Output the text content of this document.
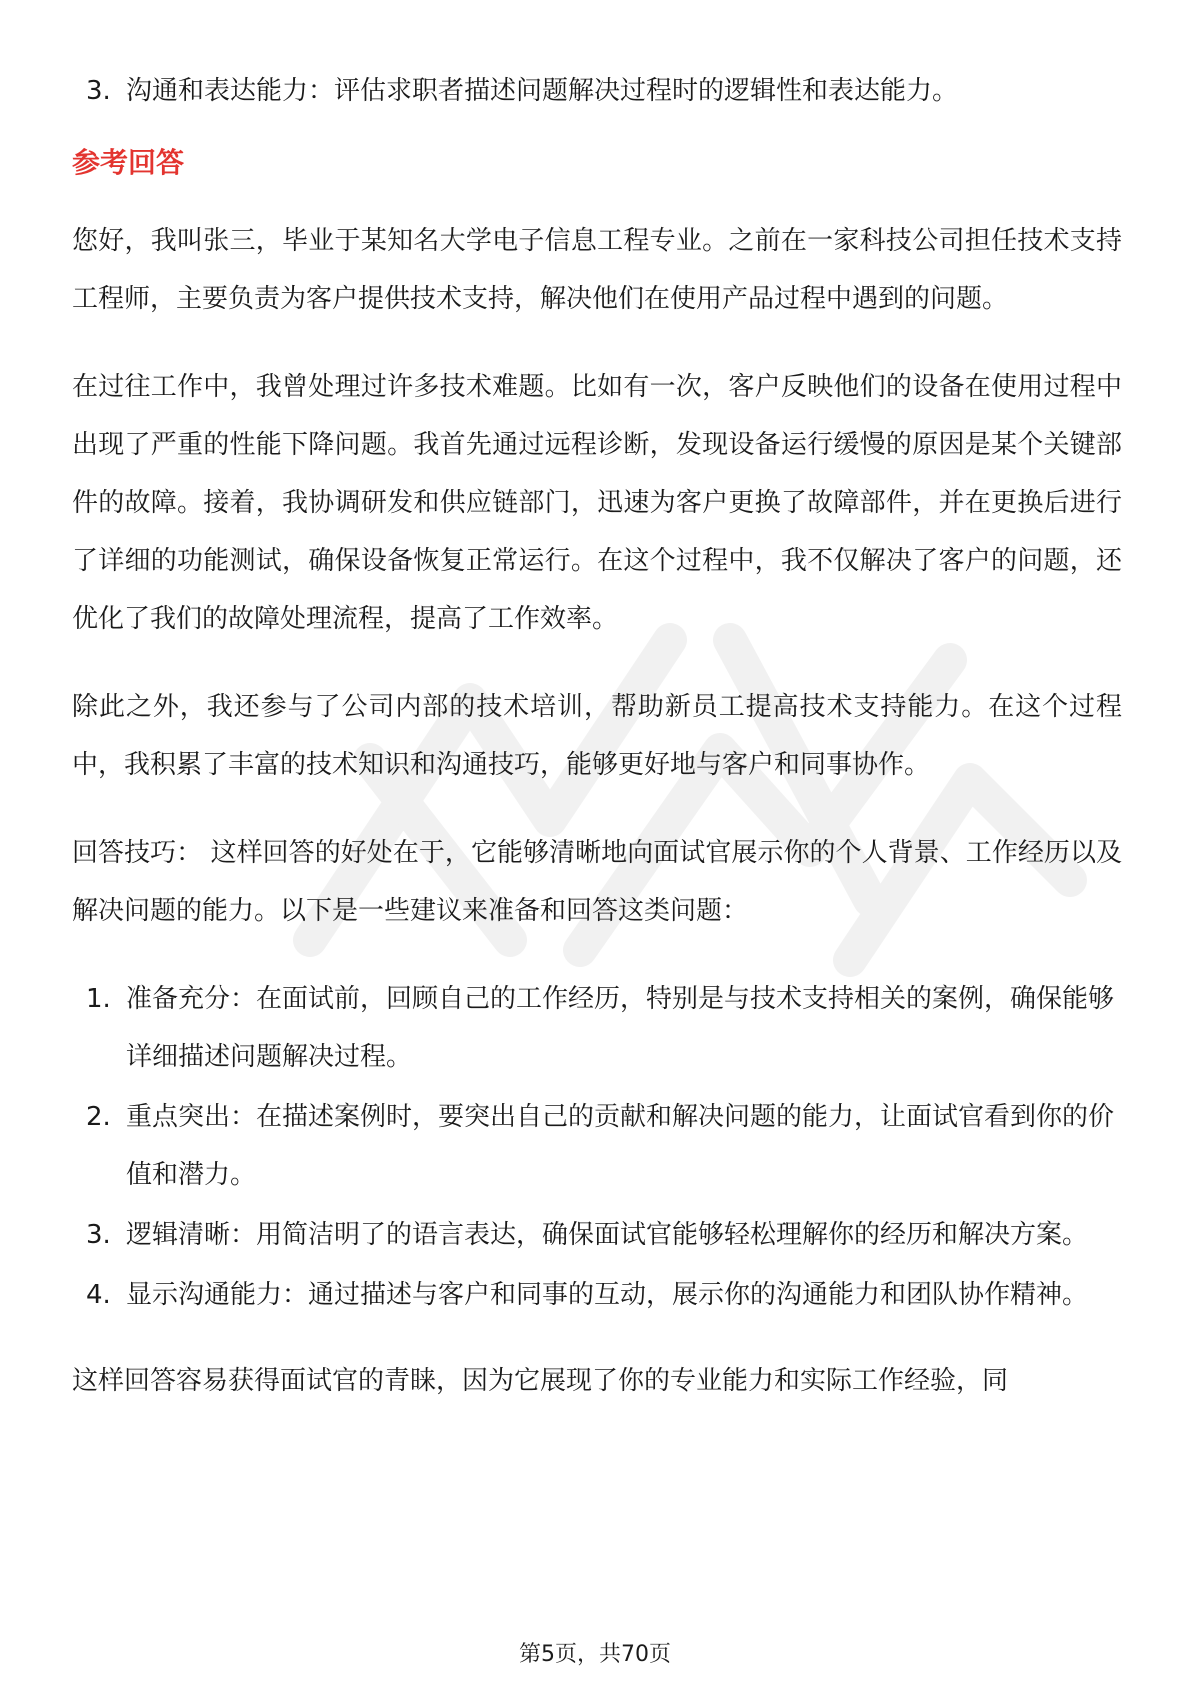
3. 沟通和表达能力：评估求职者描述问题解决过程时的逻辑性和表达能力。
参考回答

您好，我叫张三，毕业于某知名大学电子信息工程专业。之前在一家科技公司担任技术支持工程师，主要负责为客户提供技术支持，解决他们在使用产品过程中遇到的问题。

在过往工作中，我曾处理过许多技术难题。比如有一次，客户反映他们的设备在使用过程中出现了严重的性能下降问题。我首先通过远程诊断，发现设备运行缓慢的原因是某个关键部件的故障。接着，我协调研发和供应链部门，迅速为客户更换了故障部件，并在更换后进行了详细的功能测试，确保设备恢复正常运行。在这个过程中，我不仅解决了客户的问题，还优化了我们的故障处理流程，提高了工作效率。

除此之外，我还参与了公司内部的技术培训，帮助新员工提高技术支持能力。在这个过程中，我积累了丰富的技术知识和沟通技巧，能够更好地与客户和同事协作。

回答技巧： 这样回答的好处在于，它能够清晰地向面试官展示你的个人背景、工作经历以及解决问题的能力。以下是一些建议来准备和回答这类问题：

1. 准备充分：在面试前，回顾自己的工作经历，特别是与技术支持相关的案例，确保能够详细描述问题解决过程。
2. 重点突出：在描述案例时，要突出自己的贡献和解决问题的能力，让面试官看到你的价值和潜力。
3. 逻辑清晰：用简洁明了的语言表达，确保面试官能够轻松理解你的经历和解决方案。
4. 显示沟通能力：通过描述与客户和同事的互动，展示你的沟通能力和团队协作精神。

这样回答容易获得面试官的青睐，因为它展现了你的专业能力和实际工作经验，同

第5页，共70页
